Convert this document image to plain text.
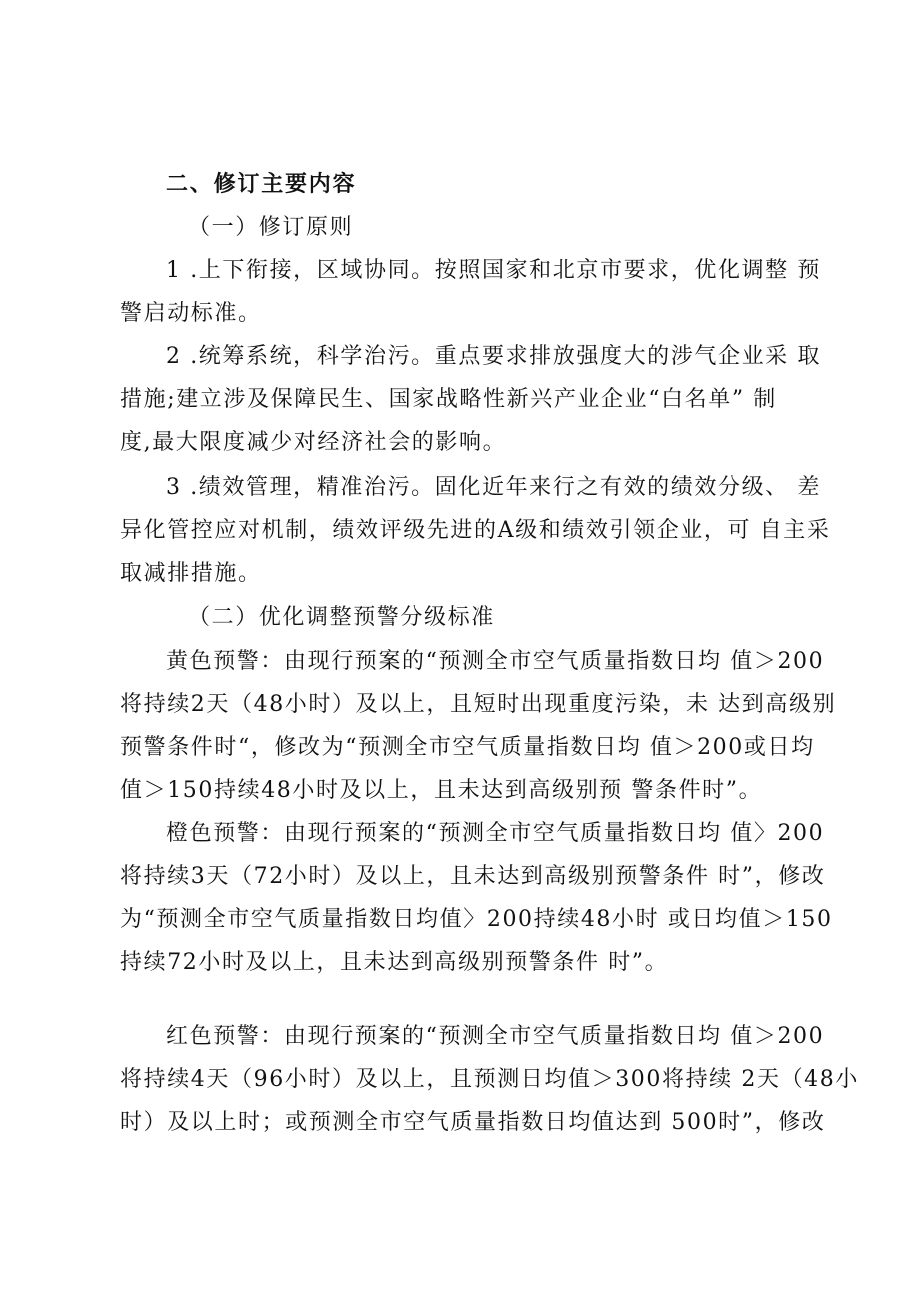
二、修订主要内容
（一）修订原则
1 .上下衔接，区域协同。按照国家和北京市要求，优化调整 预
警启动标准。
2 .统筹系统，科学治污。重点要求排放强度大的涉气企业采 取
措施;建立涉及保障民生、国家战略性新兴产业企业“白名单” 制
度,最大限度减少对经济社会的影响。
3 .绩效管理，精准治污。固化近年来行之有效的绩效分级、 差
异化管控应对机制，绩效评级先进的A级和绩效引领企业，可 自主采
取减排措施。
（二）优化调整预警分级标准
黄色预警：由现行预案的“预测全市空气质量指数日均 值＞200
将持续2天（48小时）及以上，且短时出现重度污染，未 达到高级别
预警条件时“，修改为“预测全市空气质量指数日均 值＞200或日均
值＞150持续48小时及以上，且未达到高级别预 警条件时”。
橙色预警：由现行预案的“预测全市空气质量指数日均 值〉200
将持续3天（72小时）及以上，且未达到高级别预警条件 时”，修改
为“预测全市空气质量指数日均值〉200持续48小时 或日均值＞150
持续72小时及以上，且未达到高级别预警条件 时”。
红色预警：由现行预案的“预测全市空气质量指数日均 值＞200
将持续4天（96小时）及以上，且预测日均值＞300将持续 2天（48小
时）及以上时；或预测全市空气质量指数日均值达到 500时”，修改
